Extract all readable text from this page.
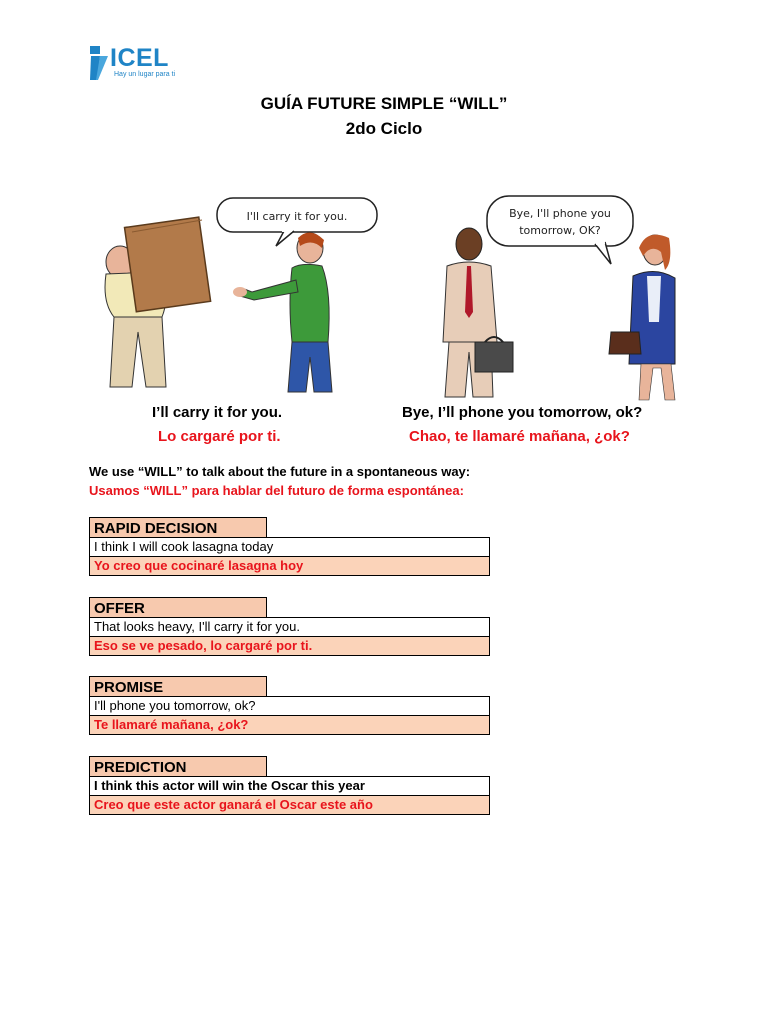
ICEL
Hay un lugar para ti
GUÍA FUTURE SIMPLE “WILL”
2do Ciclo
I'll carry it for you.	Bye, I'll phone you
tomorrow, OK?
I’ll carry it for you.
Lo cargaré por ti.
Bye, I’ll phone you tomorrow, ok?
Chao, te llamaré mañana, ¿ok?
We use “WILL” to talk about the future in a spontaneous way:
Usamos “WILL” para hablar del futuro de forma espontánea:
RAPID DECISION
I think I will cook lasagna today
Yo creo que cocinaré lasagna hoy
OFFER
That looks heavy, I'll carry it for you.
Eso se ve pesado, lo cargaré por ti.
PROMISE
I'll phone you tomorrow, ok?
Te llamaré mañana, ¿ok?
PREDICTION
I think this actor will win the Oscar this year
Creo que este actor ganará el Oscar este año
